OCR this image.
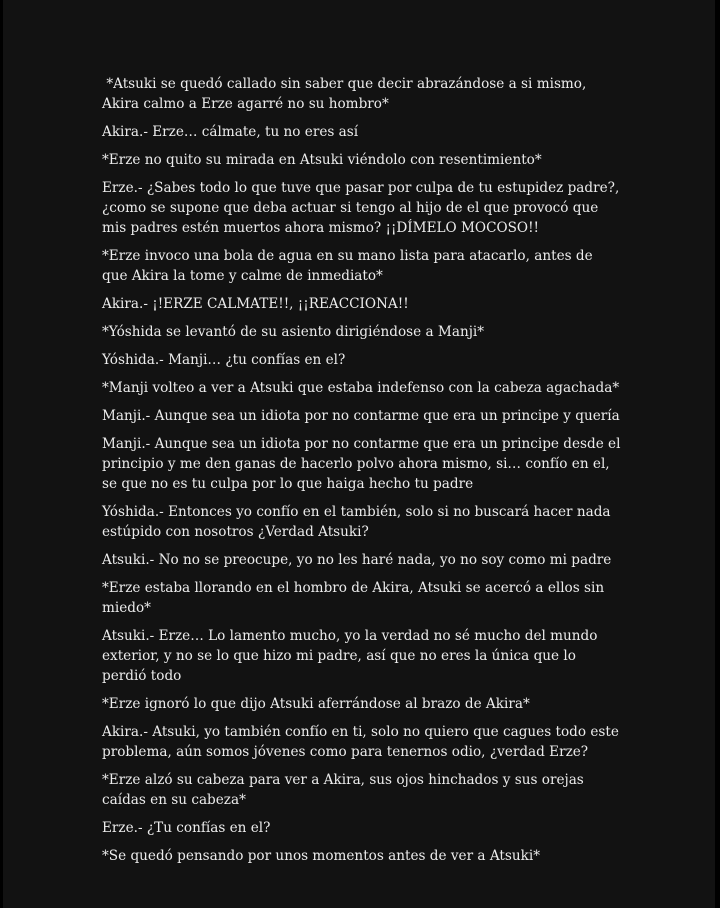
*Atsuki se quedó callado sin saber que decir abrazándose a si mismo, Akira calmo a Erze agarré no su hombro*

Akira.- Erze… cálmate, tu no eres así

*Erze no quito su mirada en Atsuki viéndolo con resentimiento*

Erze.- ¿Sabes todo lo que tuve que pasar por culpa de tu estupidez padre?, ¿como se supone que deba actuar si tengo al hijo de el que provocó que mis padres estén muertos ahora mismo? ¡¡DÍMELO MOCOSO!!

*Erze invoco una bola de agua en su mano lista para atacarlo, antes de que Akira la tome y calme de inmediato*

Akira.- ¡!ERZE CALMATE!!, ¡¡REACCIONA!!

*Yóshida se levantó de su asiento dirigiéndose a Manji*

Yóshida.- Manji… ¿tu confías en el?

*Manji volteo a ver a Atsuki que estaba indefenso con la cabeza agachada*

Manji.- Aunque sea un idiota por no contarme que era un principe y quería

Manji.- Aunque sea un idiota por no contarme que era un principe desde el principio y me den ganas de hacerlo polvo ahora mismo, si… confío en el, se que no es tu culpa por lo que haiga hecho tu padre

Yóshida.- Entonces yo confío en el también, solo si no buscará hacer nada estúpido con nosotros ¿Verdad Atsuki?

Atsuki.- No no se preocupe, yo no les haré nada, yo no soy como mi padre

*Erze estaba llorando en el hombro de Akira, Atsuki se acercó a ellos sin miedo*

Atsuki.- Erze… Lo lamento mucho, yo la verdad no sé mucho del mundo exterior, y no se lo que hizo mi padre, así que no eres la única que lo perdió todo

*Erze ignoró lo que dijo Atsuki aferrándose al brazo de Akira*

Akira.- Atsuki, yo también confío en ti, solo no quiero que cagues todo este problema, aún somos jóvenes como para tenernos odio, ¿verdad Erze?

*Erze alzó su cabeza para ver a Akira, sus ojos hinchados y sus orejas caídas en su cabeza*

Erze.- ¿Tu confías en el?

*Se quedó pensando por unos momentos antes de ver a Atsuki*
